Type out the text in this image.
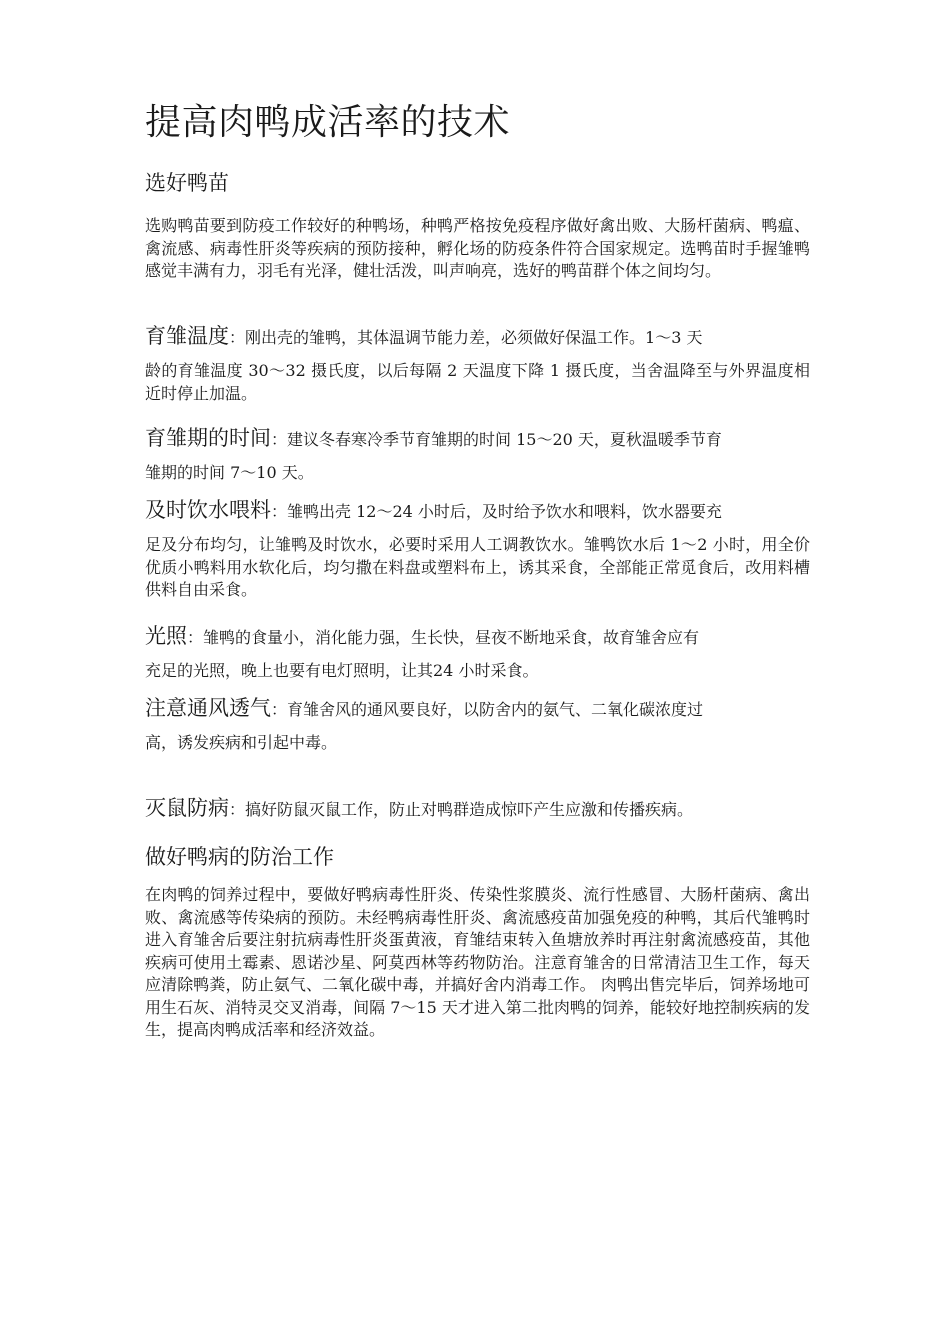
提高肉鸭成活率的技术
选好鸭苗

选购鸭苗要到防疫工作较好的种鸭场，种鸭严格按免疫程序做好禽出败、大肠杆菌病、鸭瘟、禽流感、病毒性肝炎等疾病的预防接种，孵化场的防疫条件符合国家规定。选鸭苗时手握雏鸭感觉丰满有力，羽毛有光泽，健壮活泼，叫声响亮，选好的鸭苗群个体之间均匀。

育雏温度：刚出壳的雏鸭，其体温调节能力差，必须做好保温工作。1～3 天
龄的育雏温度 30～32 摄氏度，以后每隔 2 天温度下降 1 摄氏度，当舍温降至与外界温度相近时停止加温。
育雏期的时间：建议冬春寒冷季节育雏期的时间 15～20 天，夏秋温暖季节育
雏期的时间 7～10 天。
及时饮水喂料：雏鸭出壳 12～24 小时后，及时给予饮水和喂料，饮水器要充
足及分布均匀，让雏鸭及时饮水，必要时采用人工调教饮水。雏鸭饮水后 1～2 小时，用全价优质小鸭料用水软化后，均匀撒在料盘或塑料布上，诱其采食，全部能正常觅食后，改用料槽供料自由采食。
光照：雏鸭的食量小，消化能力强，生长快，昼夜不断地采食，故育雏舍应有
充足的光照，晚上也要有电灯照明，让其24 小时采食。
注意通风透气：育雏舍风的通风要良好，以防舍内的氨气、二氧化碳浓度过
高，诱发疾病和引起中毒。
灭鼠防病：搞好防鼠灭鼠工作，防止对鸭群造成惊吓产生应激和传播疾病。
做好鸭病的防治工作

在肉鸭的饲养过程中，要做好鸭病毒性肝炎、传染性浆膜炎、流行性感冒、大肠杆菌病、禽出败、禽流感等传染病的预防。未经鸭病毒性肝炎、禽流感疫苗加强免疫的种鸭，其后代雏鸭时进入育雏舍后要注射抗病毒性肝炎蛋黄液，育雏结束转入鱼塘放养时再注射禽流感疫苗，其他疾病可使用土霉素、恩诺沙星、阿莫西林等药物防治。注意育雏舍的日常清洁卫生工作，每天应清除鸭粪，防止氨气、二氧化碳中毒，并搞好舍内消毒工作。 肉鸭出售完毕后，饲养场地可用生石灰、消特灵交叉消毒，间隔 7～15 天才进入第二批肉鸭的饲养，能较好地控制疾病的发生，提高肉鸭成活率和经济效益。
